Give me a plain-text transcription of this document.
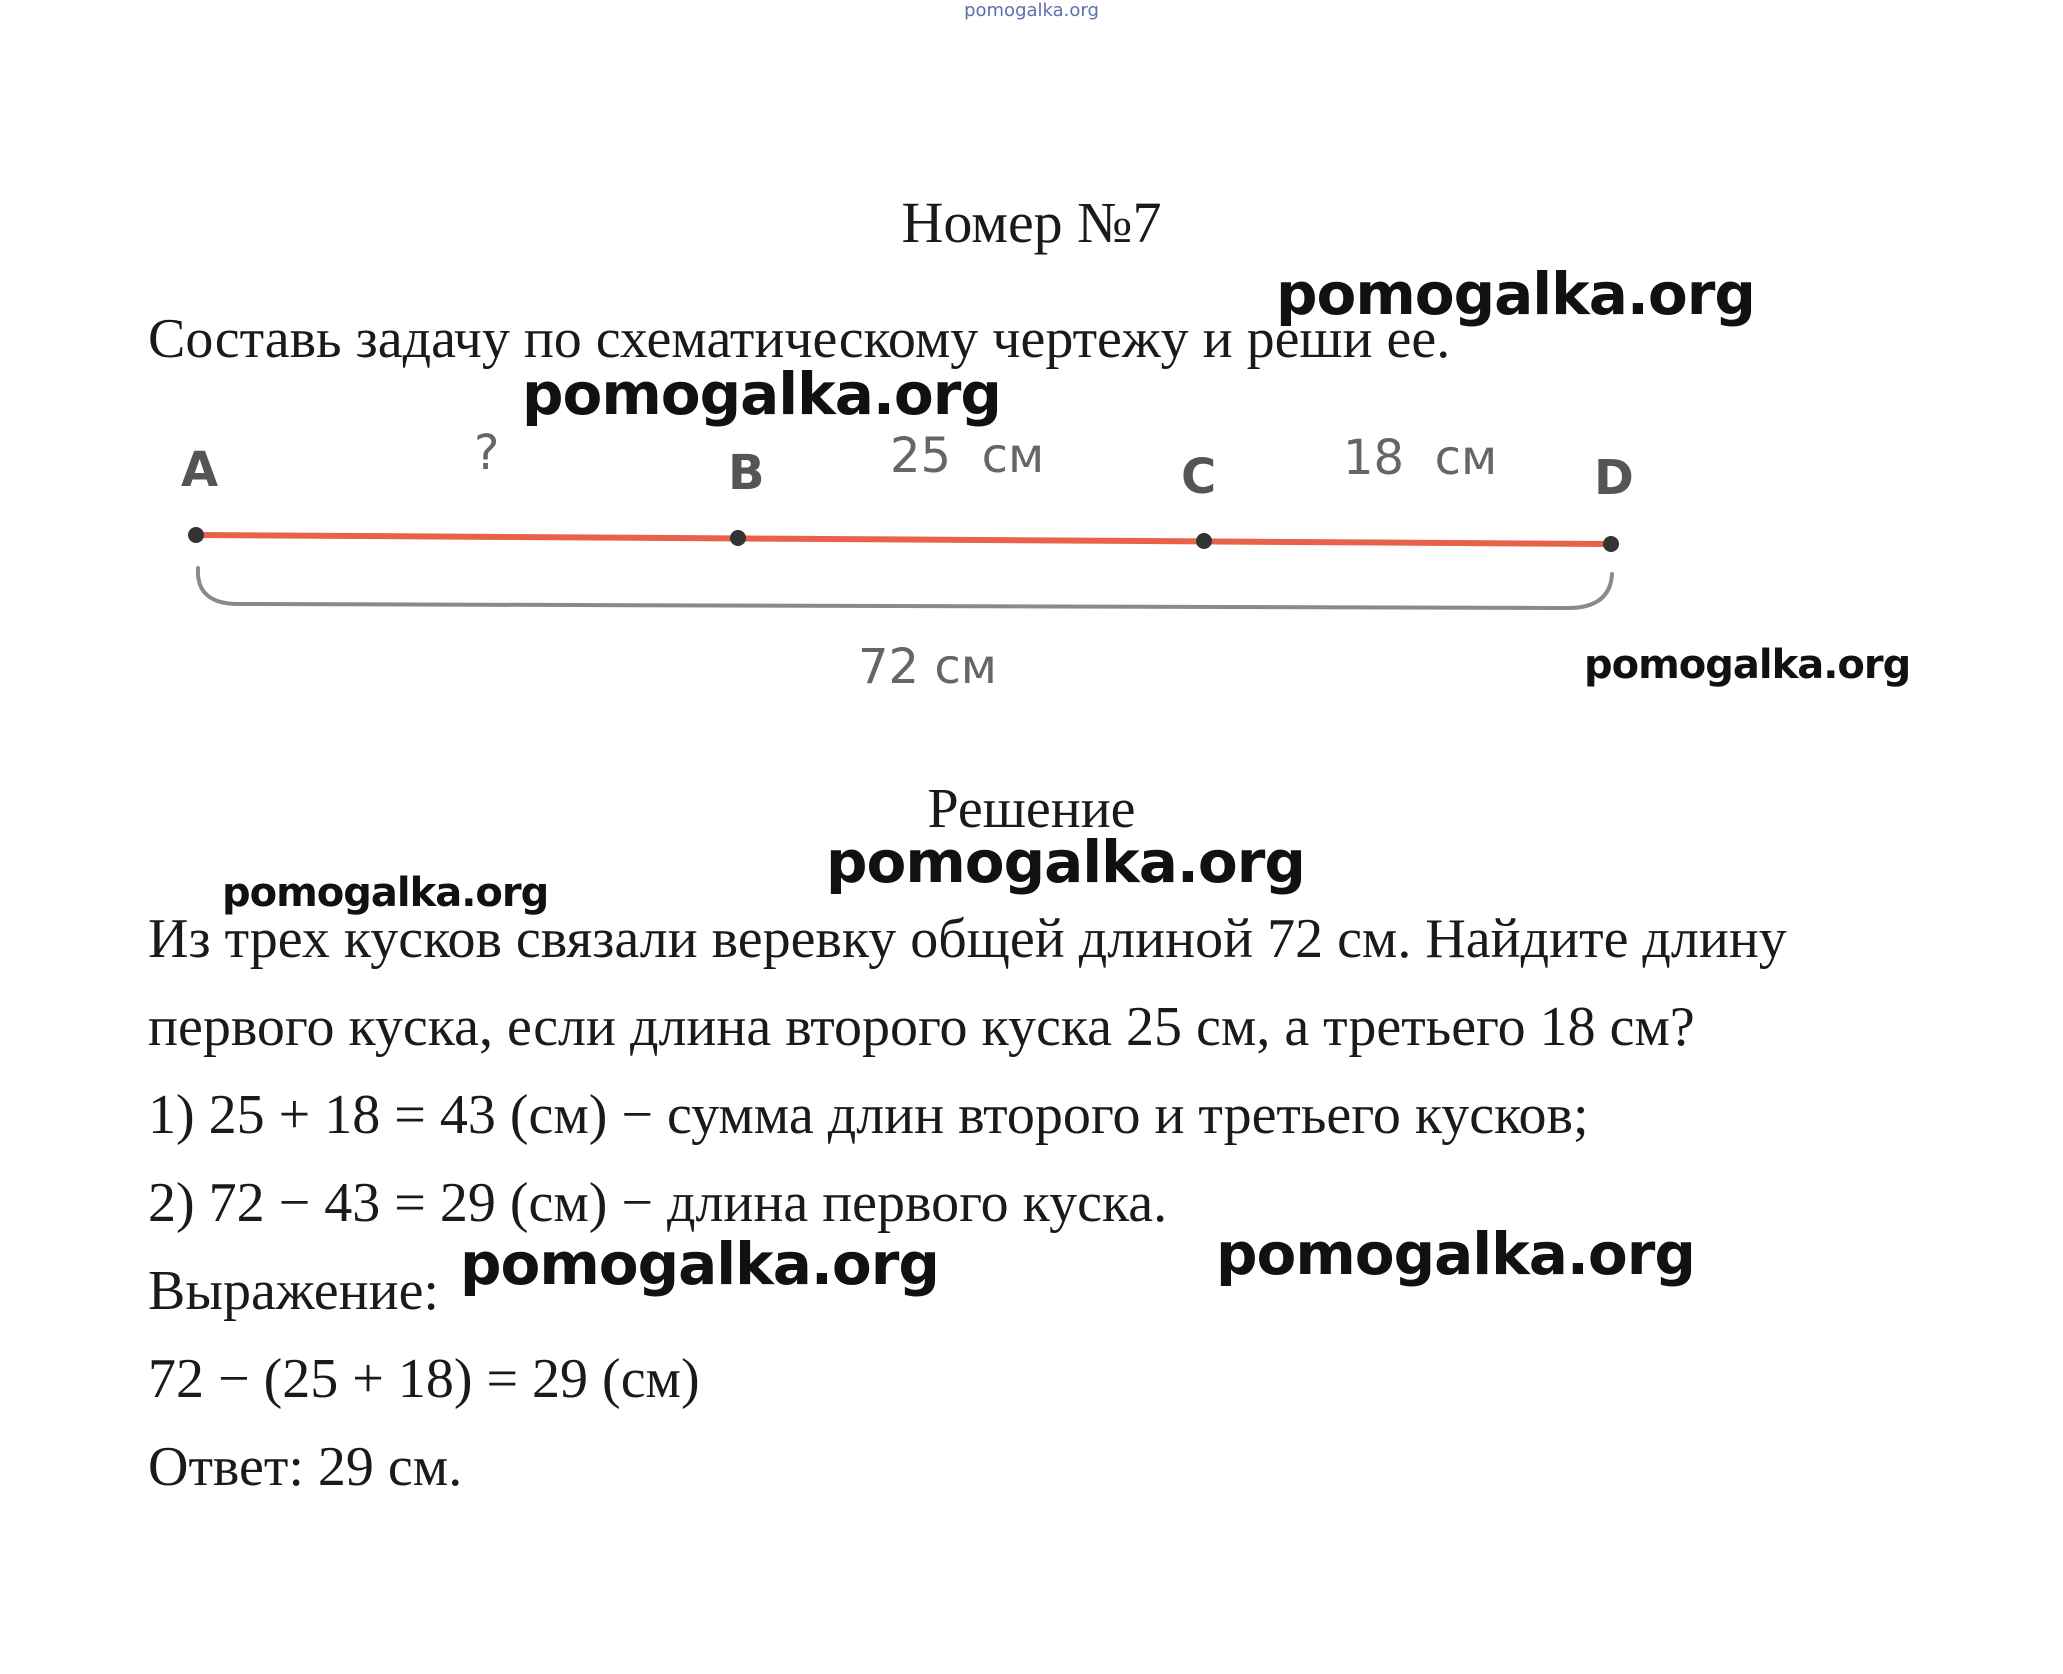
pomogalka.org
Номер №7
Составь задачу по схематическому чертежу и реши ее.
A	B	C	D
?	25  см	18  см
72 см
Решение
Из трех кусков связали веревку общей длиной 72 см. Найдите длину
первого куска, если длина второго куска 25 см, а третьего 18 см?
1) 25 + 18 = 43 (см) − сумма длин второго и третьего кусков;
2) 72 − 43 = 29 (см) − длина первого куска.
Выражение:
72 − (25 + 18) = 29 (см)
Ответ: 29 см.
pomogalka.org
pomogalka.org
pomogalka.org
pomogalka.org
pomogalka.org
pomogalka.org	pomogalka.org
